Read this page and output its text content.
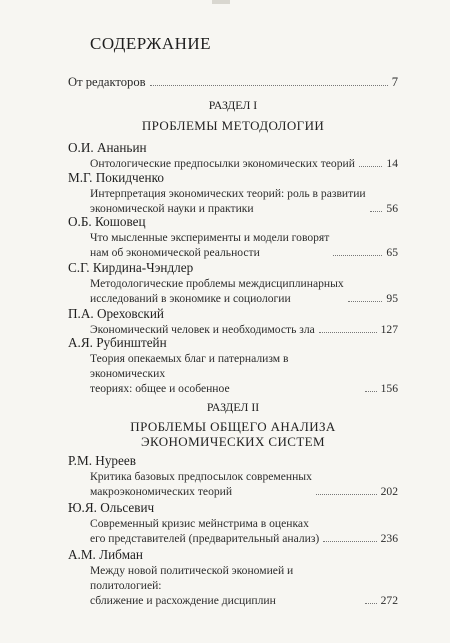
СОДЕРЖАНИЕ
От редакторов	7
РАЗДЕЛ I
ПРОБЛЕМЫ МЕТОДОЛОГИИ
О.И. Ананьин
Онтологические предпосылки экономических теорий	14
М.Г. Покидченко
Интерпретация экономических теорий: роль в развитии
экономической науки и практики	56
О.Б. Кошовец
Что мысленные эксперименты и модели говорят
нам об экономической реальности	65
С.Г. Кирдина-Чэндлер
Методологические проблемы междисциплинарных
исследований в экономике и социологии	95
П.А. Ореховский
Экономический человек и необходимость зла	127
А.Я. Рубинштейн
Теория опекаемых благ и патернализм в экономических
теориях: общее и особенное	156
РАЗДЕЛ II
ПРОБЛЕМЫ ОБЩЕГО АНАЛИЗА
ЭКОНОМИЧЕСКИХ СИСТЕМ
Р.М. Нуреев
Критика базовых предпосылок современных
макроэкономических теорий	202
Ю.Я. Ольсевич
Современный кризис мейнстрима в оценках
его представителей (предварительный анализ)	236
А.М. Либман
Между новой политической экономией и политологией:
сближение и расхождение дисциплин	272
